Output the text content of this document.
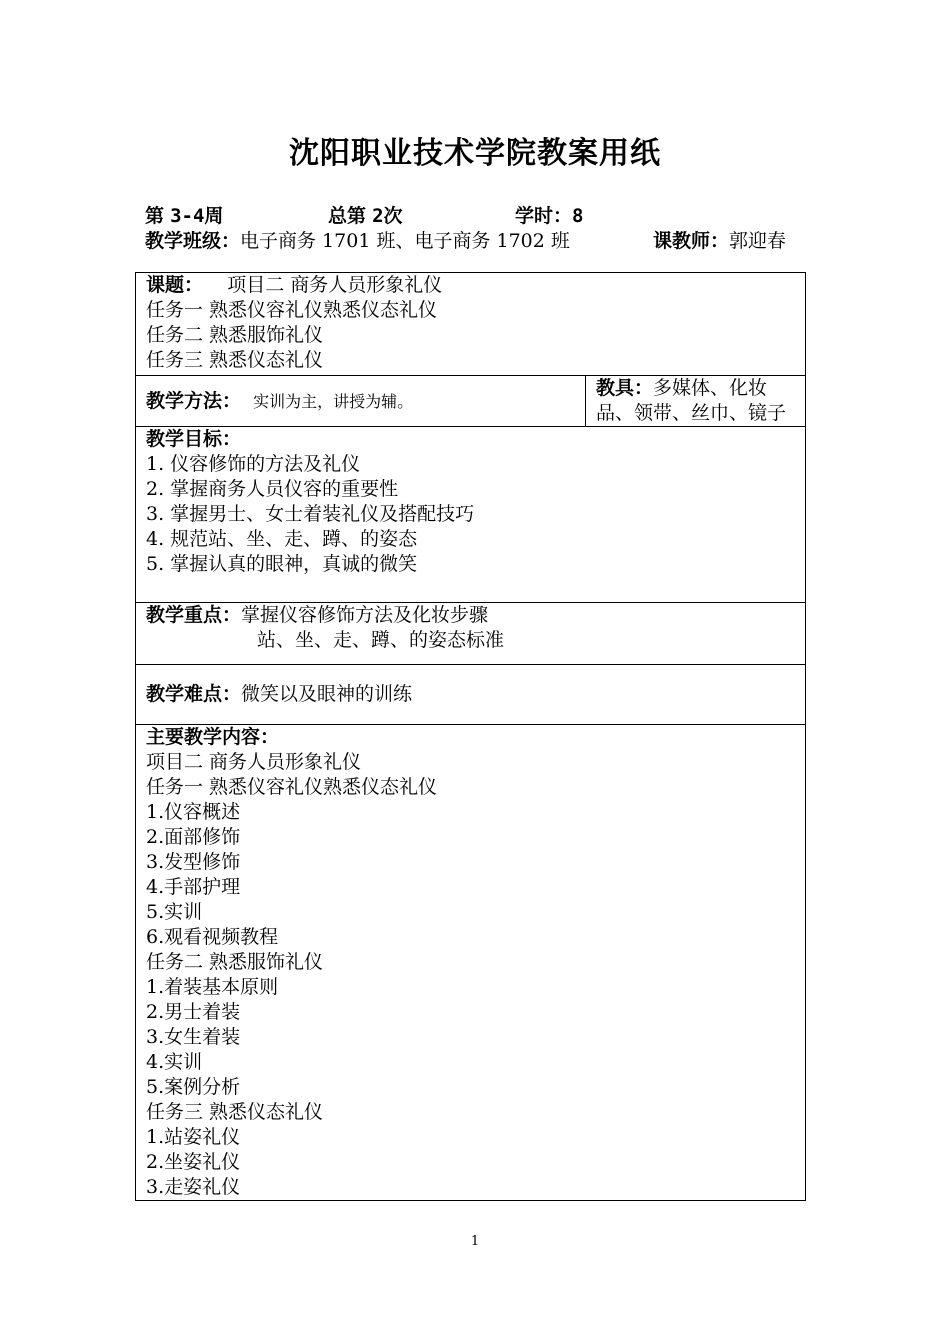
沈阳职业技术学院教案用纸
第 3-4周	总第 2次	学时：8
教学班级：电子商务 1701 班、电子商务 1702 班	课教师：郭迎春
课题： 项目二 商务人员形象礼仪
任务一 熟悉仪容礼仪熟悉仪态礼仪
任务二 熟悉服饰礼仪
任务三 熟悉仪态礼仪

教学方法： 实训为主，讲授为辅。	
教具：多媒体、化妆
品、领带、丝巾、镜子

教学目标：
1. 仪容修饰的方法及礼仪
2. 掌握商务人员仪容的重要性
3. 掌握男士、女士着装礼仪及搭配技巧
4. 规范站、坐、走、蹲、的姿态
5. 掌握认真的眼神，真诚的微笑

教学重点：掌握仪容修饰方法及化妆步骤
站、坐、走、蹲、的姿态标准

教学难点：微笑以及眼神的训练

主要教学内容：
项目二 商务人员形象礼仪
任务一 熟悉仪容礼仪熟悉仪态礼仪
1.仪容概述
2.面部修饰
3.发型修饰
4.手部护理
5.实训
6.观看视频教程
任务二 熟悉服饰礼仪
1.着装基本原则
2.男士着装
3.女生着装
4.实训
5.案例分析
任务三 熟悉仪态礼仪
1.站姿礼仪
2.坐姿礼仪
3.走姿礼仪
1
